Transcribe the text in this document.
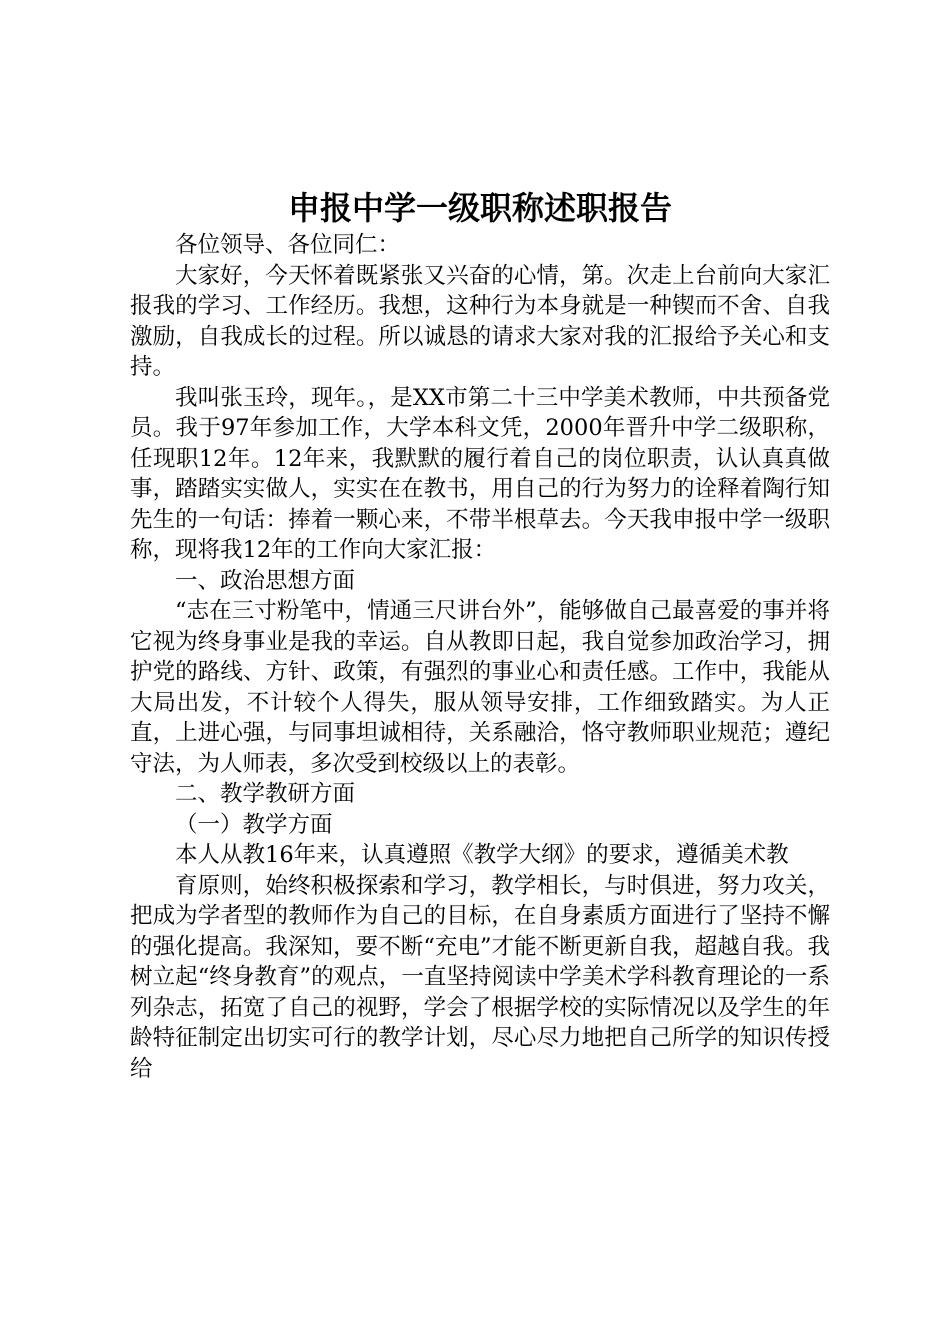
申报中学一级职称述职报告

各位领导、各位同仁：

大家好，今天怀着既紧张又兴奋的心情，第。次走上台前向大家汇报我的学习、工作经历。我想，这种行为本身就是一种锲而不舍、自我激励，自我成长的过程。所以诚恳的请求大家对我的汇报给予关心和支持。

我叫张玉玲，现年。，是XX市第二十三中学美术教师，中共预备党员。我于97年参加工作，大学本科文凭，2000年晋升中学二级职称，任现职12年。12年来，我默默的履行着自己的岗位职责，认认真真做事，踏踏实实做人，实实在在教书，用自己的行为努力的诠释着陶行知先生的一句话：捧着一颗心来，不带半根草去。今天我申报中学一级职称，现将我12年的工作向大家汇报：

一、政治思想方面

“志在三寸粉笔中，情通三尺讲台外”，能够做自己最喜爱的事并将它视为终身事业是我的幸运。自从教即日起，我自觉参加政治学习，拥护党的路线、方针、政策，有强烈的事业心和责任感。工作中，我能从大局出发，不计较个人得失，服从领导安排，工作细致踏实。为人正直，上进心强，与同事坦诚相待，关系融洽，恪守教师职业规范；遵纪守法，为人师表，多次受到校级以上的表彰。

二、教学教研方面

（一）教学方面

本人从教16年来，认真遵照《教学大纲》的要求，遵循美术教

育原则，始终积极探索和学习，教学相长，与时俱进，努力攻关，把成为学者型的教师作为自己的目标，在自身素质方面进行了坚持不懈的强化提高。我深知，要不断“充电”才能不断更新自我，超越自我。我树立起“终身教育”的观点，一直坚持阅读中学美术学科教育理论的一系列杂志，拓宽了自己的视野，学会了根据学校的实际情况以及学生的年龄特征制定出切实可行的教学计划，尽心尽力地把自己所学的知识传授给
